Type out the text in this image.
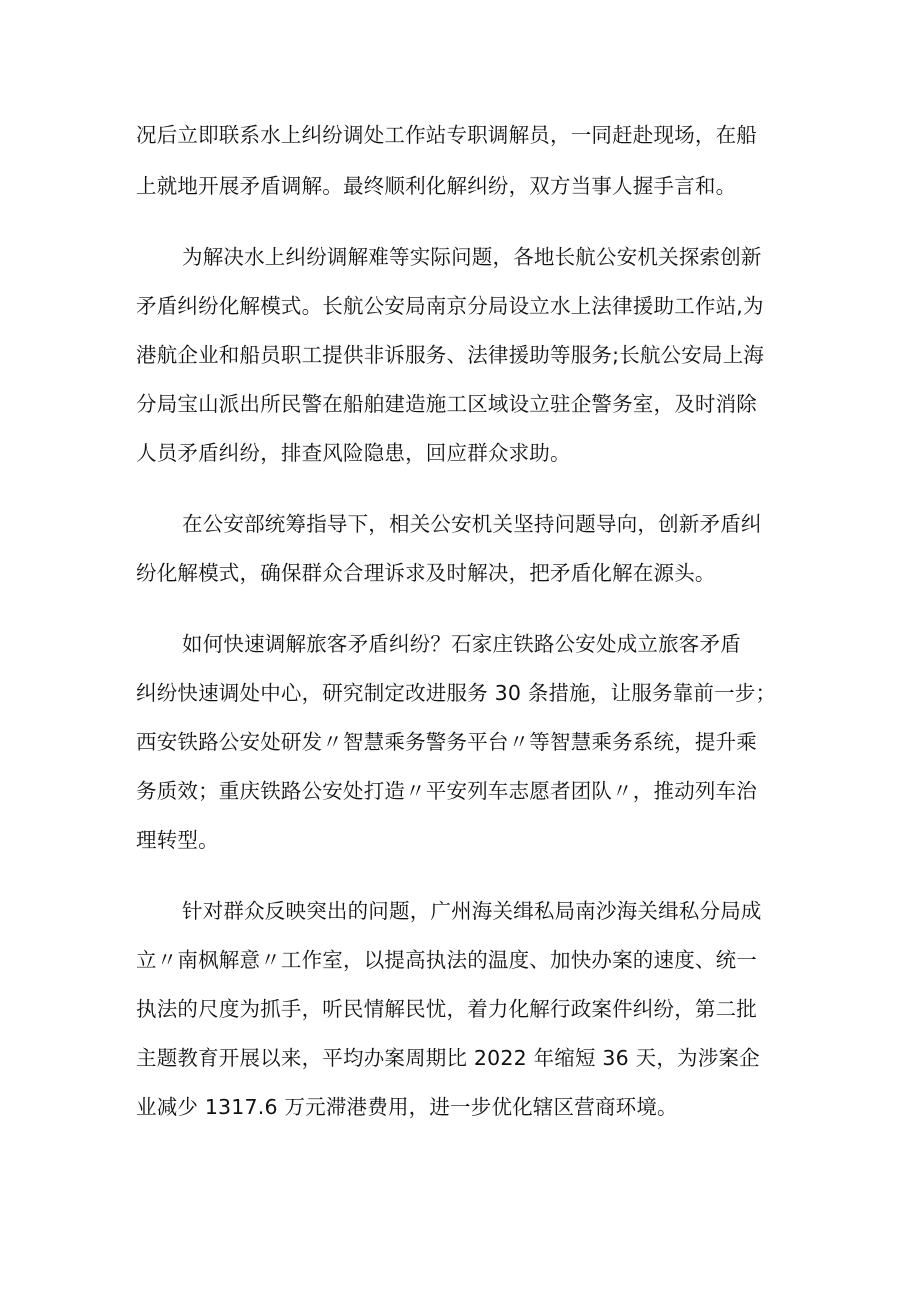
况后立即联系水上纠纷调处工作站专职调解员，一同赶赴现场，在船
上就地开展矛盾调解。最终顺利化解纠纷，双方当事人握手言和。
为解决水上纠纷调解难等实际问题，各地长航公安机关探索创新
矛盾纠纷化解模式。长航公安局南京分局设立水上法律援助工作站,为
港航企业和船员职工提供非诉服务、法律援助等服务;长航公安局上海
分局宝山派出所民警在船舶建造施工区域设立驻企警务室，及时消除
人员矛盾纠纷，排查风险隐患，回应群众求助。
在公安部统筹指导下，相关公安机关坚持问题导向，创新矛盾纠
纷化解模式，确保群众合理诉求及时解决，把矛盾化解在源头。
如何快速调解旅客矛盾纠纷？石家庄铁路公安处成立旅客矛盾
纠纷快速调处中心，研究制定改进服务 30 条措施，让服务靠前一步；
西安铁路公安处研发〃智慧乘务警务平台〃等智慧乘务系统，提升乘
务质效；重庆铁路公安处打造〃平安列车志愿者团队〃，推动列车治
理转型。
针对群众反映突出的问题，广州海关缉私局南沙海关缉私分局成
立〃南枫解意〃工作室，以提高执法的温度、加快办案的速度、统一
执法的尺度为抓手，听民情解民忧，着力化解行政案件纠纷，第二批
主题教育开展以来，平均办案周期比 2022 年缩短 36 天，为涉案企
业减少 1317.6 万元滞港费用，进一步优化辖区营商环境。
